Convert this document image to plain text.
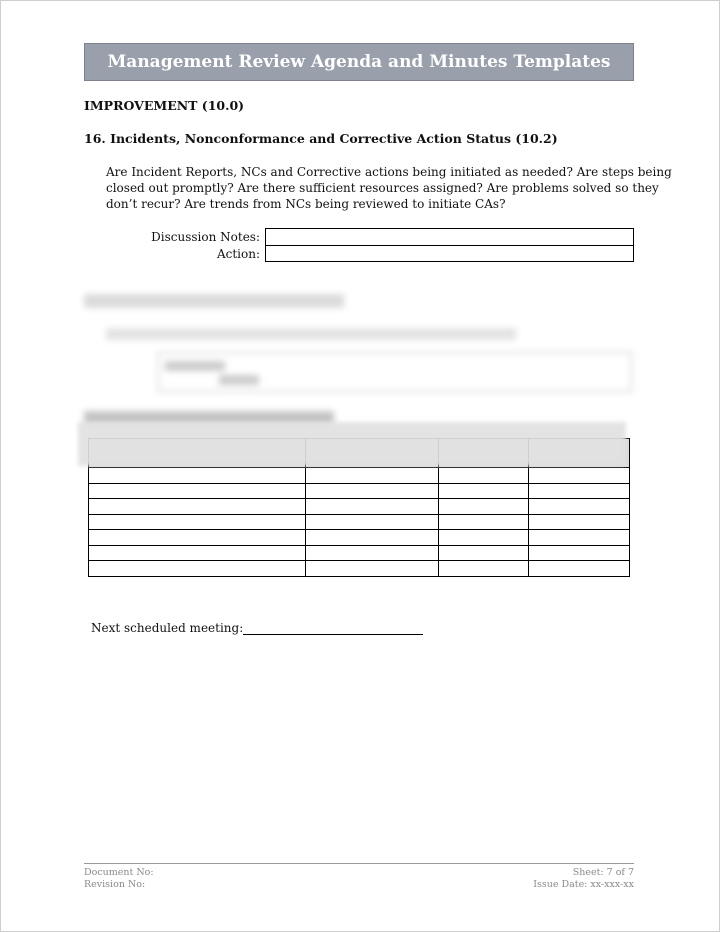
Management Review Agenda and Minutes Templates
IMPROVEMENT (10.0)
16. Incidents, Nonconformance and Corrective Action Status (10.2)
Are Incident Reports, NCs and Corrective actions being initiated as needed? Are steps being
closed out promptly? Are there sufficient resources assigned? Are problems solved so they
don’t recur? Are trends from NCs being reviewed to initiate CAs?
Discussion Notes:
Action:

Next scheduled meeting:
Document No:
Revision No:
Sheet: 7 of 7
Issue Date: xx-xxx-xx
